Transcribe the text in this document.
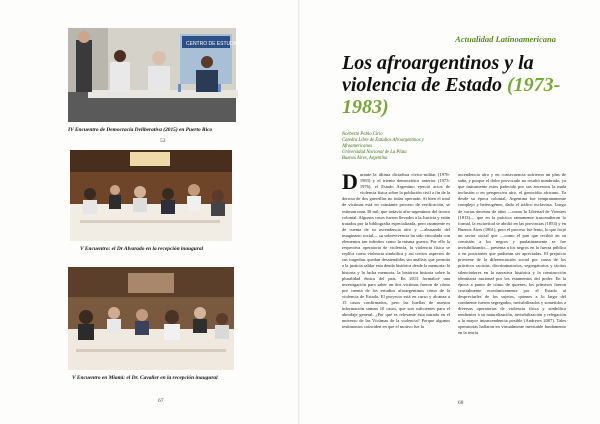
CENTRO DE ESTUDIOS
IV Encuentro de Democracia Deliberativa (2015) en Puerto Rico
53
V Encuentro: el Dr Alvarado en la recepción inaugural
V Encuentro en Miami: el Dr. Cavalier en la recepción inaugural
67
Actualidad Latinoamericana
Los afroargentinos y la violencia de Estado (1973-1983)
Norberto Pablo Cirio
Cátedra Libre de Estudios Afroargentinos y
Afroamericanos
Universidad Nacional de La Plata
Buenos Aires, Argentina
D urante la última dictadura cívico-militar (1976-1983) y el trienio democrático anterior (1973-1976), el Estado Argentino ejerció actos de violencia física sobre la población civil a fin de la derrota de dos guerrillas no todas operarán. Si bien el total de víctimas está en constante proceso de verificación, se estiman unas 30 mil, que todavía afro-argentinos del tronco colonial. Algunos casos fueron llevados a la Justicia y están tratados por la bibliografía especializada, pero raramente es de cuenta de su ascendencia afro y —abusando del imaginario social— su sobrevivencia ha sido vinculada con elementos tan infinitos como la misma guerra. Por ello la respectiva operatoria de violencia, la violencia física se replica como violencia simbólica y así ciertos aspectos de sus tragedias quedan desatendidos sin análisis que permita a la justicia saldar esta deuda histórica desde la memoria: la historia y la lucha memoria, la histórica historia sobre la pluralidad étnica del país. En 2013 formalicé una investigación para saber un dos víctimas fueron de cómo por cuenta de los estudios afroargentinos cómo de la violencia de Estado. El proyecto está en curso y alcanza a 15 casos confirmados, pero las huellas de nuestra información suman 10 casos, que son suficientes para el abordaje general. ¿Por qué es relevante esta mirada en el universo de las Víctimas de la violencia? Porque algunos testimonios coinciden en que el motivo fue la
ascendencia afro y en consecuencia sufrieron un plus de saña, y porque el dolor provocado no resultó nombrado, ya que únicamente estos padecido por sus ancestros la mala inclusión o en perspectiva afro, el genocidio africano. Ya desde su época colonial, Argentina fue tempranamente complejo y heterogéneo, dado el tráfico esclavista. Luego de varias decenas de años —como la Libertad de Vientres (1813)— que en la práctica ramamente trascendieron lo formal, la esclavitud se abolió en las provincias (1853) y en Buenos Aires (1861), pero el proceso fue lento, lo que forjó un sector social que —como el pan que recibió en su comisión a los negros y paulatinamente se fue invisibilizando— presenta a los negros en la fuerza pública o en posiciones que pudieran ser apreciadas. El prejuicio proviene de la diferenciación social por causa de los prácticos racistas, discriminatorios, segregatorios y tácitos silenciadores en la narrativa histórica y la construcción identitaria nacional por los estamentos del poder. En la época a punto de cómo de quienes, los primeros fueron crucialmente económicamente por el Estado al despreciarles de los sujetos, quienes a lo largo del continente fueron segregados, invisibilizados y sometidos a diversas operatorias de violencia física y simbólica tendientes a su naturalización, invisibilización y relegación a la mayor intrascendencia posible (Andrews 2007). Tales operatorias hallaron en virtualmente inevitable fundamento en la teoría
68
